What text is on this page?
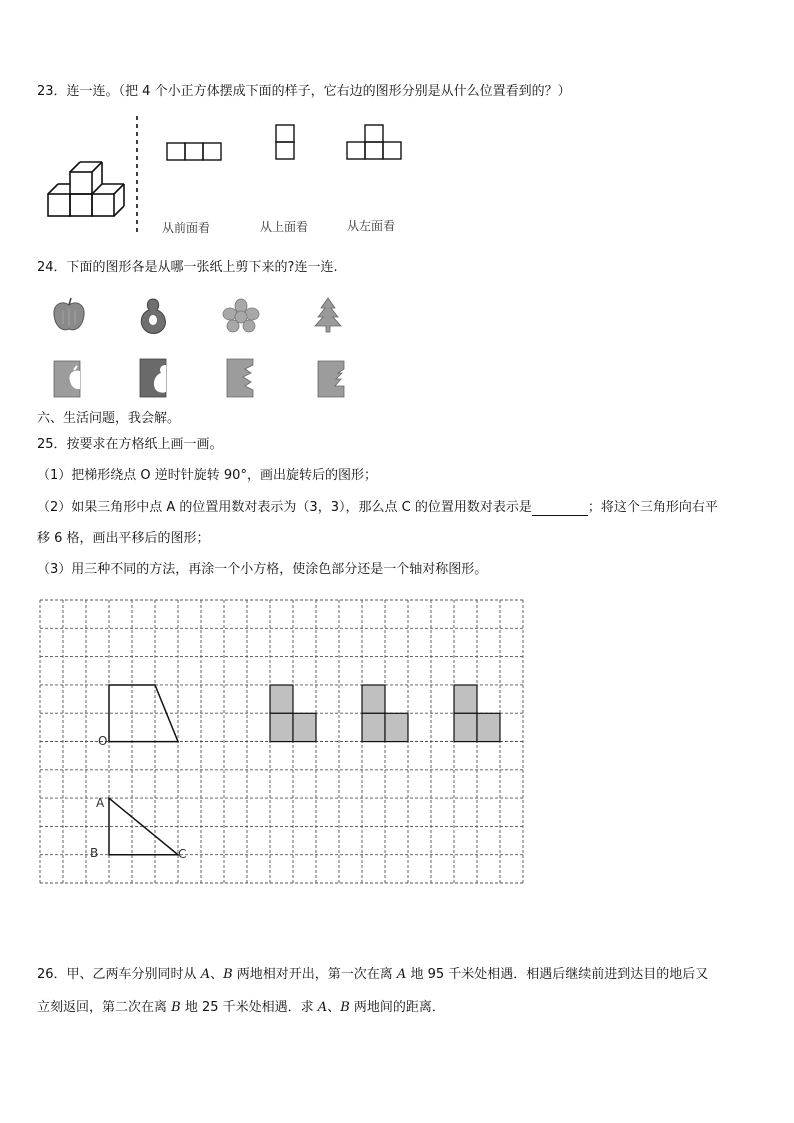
23．连一连。（把 4 个小正方体摆成下面的样子，它右边的图形分别是从什么位置看到的？）
从前面看	从上面看	从左面看
24．下面的图形各是从哪一张纸上剪下来的?连一连.
六、生活问题，我会解。
25．按要求在方格纸上画一画。
（1）把梯形绕点 O 逆时针旋转 90°，画出旋转后的图形；
（2）如果三角形中点 A 的位置用数对表示为（3，3），那么点 C 的位置用数对表示是	；将这个三角形向右平
移 6 格，画出平移后的图形；
（3）用三种不同的方法，再涂一个小方格，使涂色部分还是一个轴对称图形。
O
A
B	C
26．甲、乙两车分别同时从 A、B 两地相对开出，第一次在离 A 地 95 千米处相遇．相遇后继续前进到达目的地后又
立刻返回，第二次在离 B 地 25 千米处相遇．求 A、B 两地间的距离．
